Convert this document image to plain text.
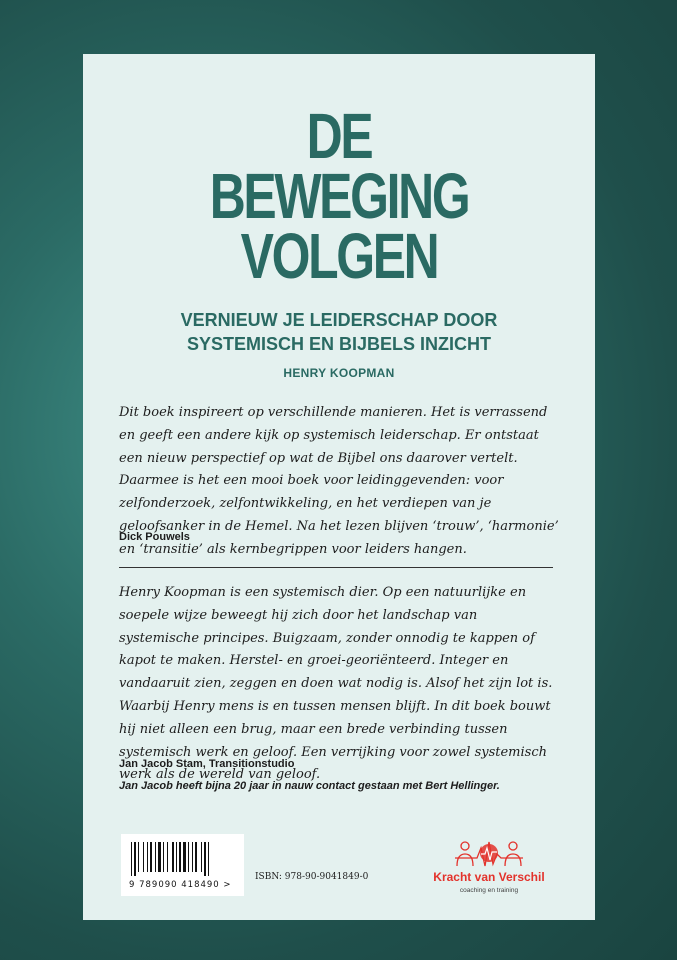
DE
BEWEGING
VOLGEN
VERNIEUW JE LEIDERSCHAP DOOR
SYSTEMISCH EN BIJBELS INZICHT
HENRY KOOPMAN
Dit boek inspireert op verschillende manieren. Het is verrassend en geeft een andere kijk op systemisch leiderschap. Er ontstaat een nieuw perspectief op wat de Bijbel ons daarover vertelt. Daarmee is het een mooi boek voor leidinggevenden: voor zelfonderzoek, zelfontwikkeling, en het verdiepen van je geloofsanker in de Hemel. Na het lezen blijven ‘trouw’, ‘harmonie’ en ‘transitie’ als kernbegrippen voor leiders hangen.
Dick Pouwels
Henry Koopman is een systemisch dier. Op een natuurlijke en soepele wijze beweegt hij zich door het landschap van systemische principes. Buigzaam, zonder onnodig te kappen of kapot te maken. Herstel- en groei-georiënteerd. Integer en vandaaruit zien, zeggen en doen wat nodig is. Alsof het zijn lot is. Waarbij Henry mens is en tussen mensen blijft. In dit boek bouwt hij niet alleen een brug, maar een brede verbinding tussen systemisch werk en geloof. Een verrijking voor zowel systemisch werk als de wereld van geloof.
Jan Jacob Stam, Transitionstudio
Jan Jacob heeft bijna 20 jaar in nauw contact gestaan met Bert Hellinger.
9 789090 418490 >
ISBN: 978-90-9041849-0	Kracht van Verschil
coaching en training
